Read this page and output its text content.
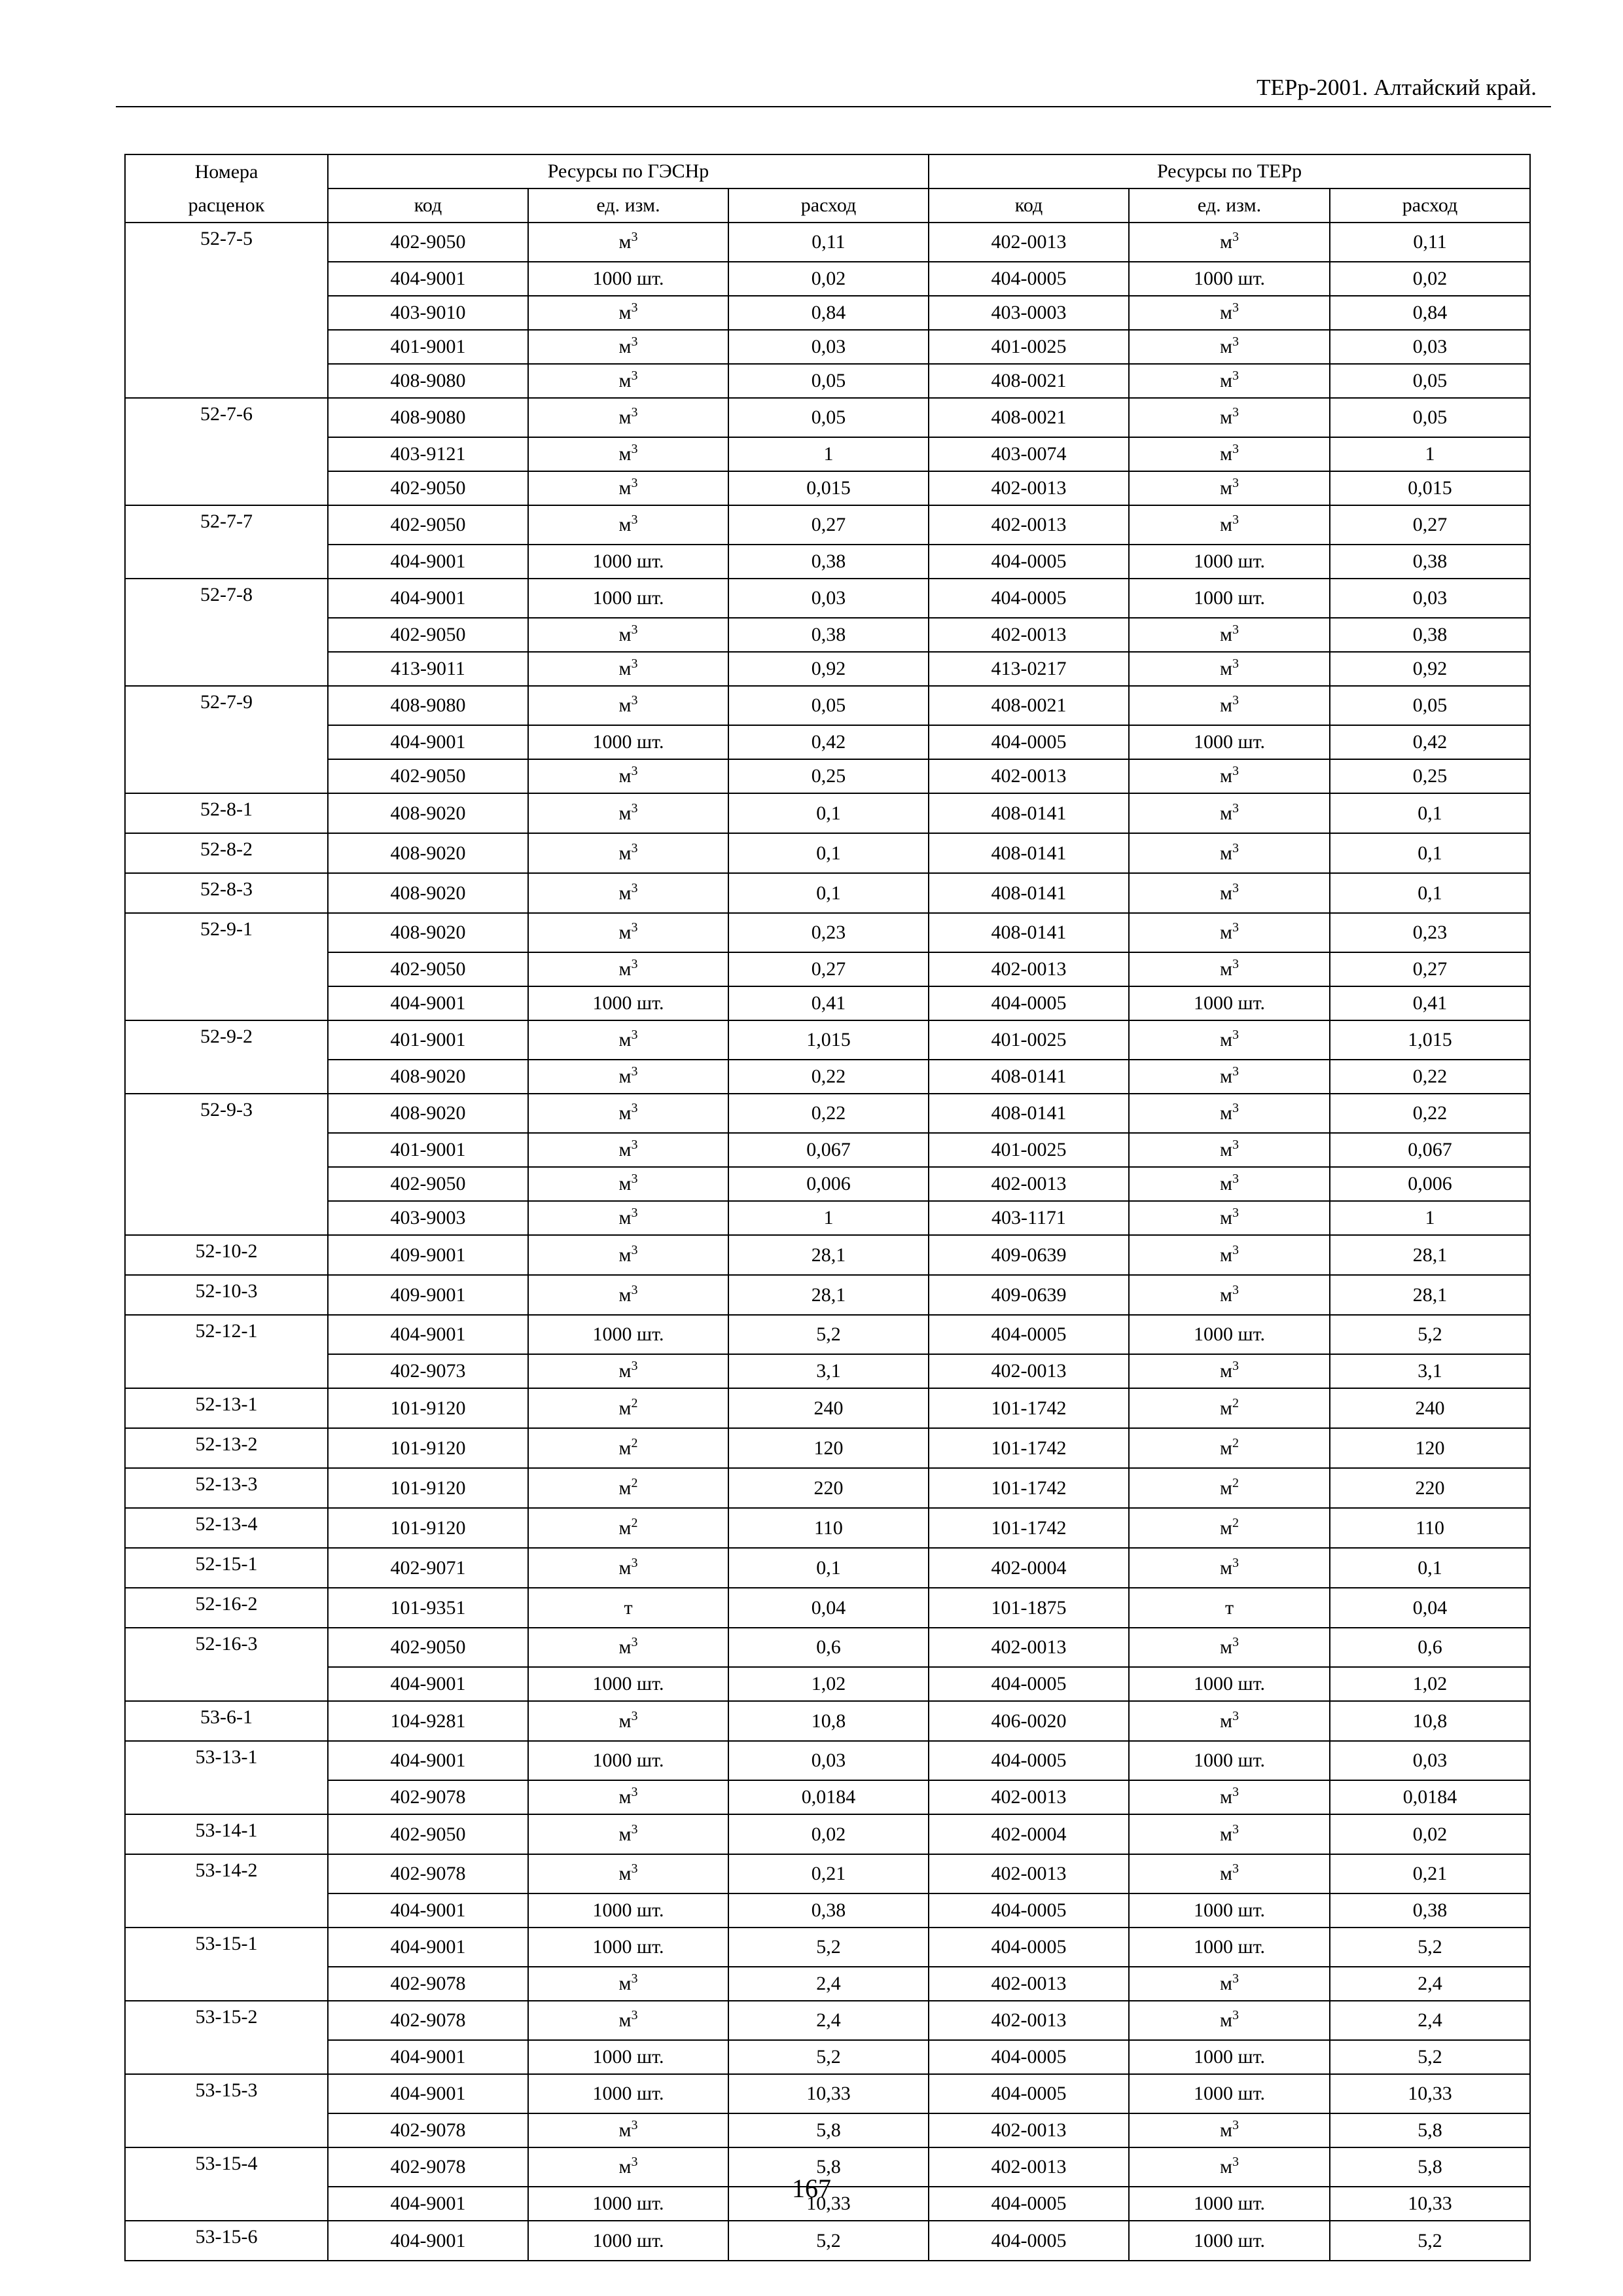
ТЕРр-2001. Алтайский край.
Номера	Ресурсы по ГЭСНр			Ресурсы по ТЕРр		
расценок	код	ед. изм.	расход	код	ед. изм.	расход
52-7-5	402-9050	$м^3$	0,11	402-0013	$м^3$	0,11
	404-9001	1000 шт.	0,02	404-0005	1000 шт.	0,02
	403-9010	$м^3$	0,84	403-0003	$м^3$	0,84
	401-9001	$м^3$	0,03	401-0025	$м^3$	0,03
	408-9080	$м^3$	0,05	408-0021	$м^3$	0,05
52-7-6	408-9080	$м^3$	0,05	408-0021	$м^3$	0,05
	403-9121	$м^3$	1	403-0074	$м^3$	1
	402-9050	$м^3$	0,015	402-0013	$м^3$	0,015
52-7-7	402-9050	$м^3$	0,27	402-0013	$м^3$	0,27
	404-9001	1000 шт.	0,38	404-0005	1000 шт.	0,38
52-7-8	404-9001	1000 шт.	0,03	404-0005	1000 шт.	0,03
	402-9050	$м^3$	0,38	402-0013	$м^3$	0,38
	413-9011	$м^3$	0,92	413-0217	$м^3$	0,92
52-7-9	408-9080	$м^3$	0,05	408-0021	$м^3$	0,05
	404-9001	1000 шт.	0,42	404-0005	1000 шт.	0,42
	402-9050	$м^3$	0,25	402-0013	$м^3$	0,25
52-8-1	408-9020	$м^3$	0,1	408-0141	$м^3$	0,1
52-8-2	408-9020	$м^3$	0,1	408-0141	$м^3$	0,1
52-8-3	408-9020	$м^3$	0,1	408-0141	$м^3$	0,1
52-9-1	408-9020	$м^3$	0,23	408-0141	$м^3$	0,23
	402-9050	$м^3$	0,27	402-0013	$м^3$	0,27
	404-9001	1000 шт.	0,41	404-0005	1000 шт.	0,41
52-9-2	401-9001	$м^3$	1,015	401-0025	$м^3$	1,015
	408-9020	$м^3$	0,22	408-0141	$м^3$	0,22
52-9-3	408-9020	$м^3$	0,22	408-0141	$м^3$	0,22
	401-9001	$м^3$	0,067	401-0025	$м^3$	0,067
	402-9050	$м^3$	0,006	402-0013	$м^3$	0,006
	403-9003	$м^3$	1	403-1171	$м^3$	1
52-10-2	409-9001	$м^3$	28,1	409-0639	$м^3$	28,1
52-10-3	409-9001	$м^3$	28,1	409-0639	$м^3$	28,1
52-12-1	404-9001	1000 шт.	5,2	404-0005	1000 шт.	5,2
	402-9073	$м^3$	3,1	402-0013	$м^3$	3,1
52-13-1	101-9120	$м^2$	240	101-1742	$м^2$	240
52-13-2	101-9120	$м^2$	120	101-1742	$м^2$	120
52-13-3	101-9120	$м^2$	220	101-1742	$м^2$	220
52-13-4	101-9120	$м^2$	110	101-1742	$м^2$	110
52-15-1	402-9071	$м^3$	0,1	402-0004	$м^3$	0,1
52-16-2	101-9351	т	0,04	101-1875	т	0,04
52-16-3	402-9050	$м^3$	0,6	402-0013	$м^3$	0,6
	404-9001	1000 шт.	1,02	404-0005	1000 шт.	1,02
53-6-1	104-9281	$м^3$	10,8	406-0020	$м^3$	10,8
53-13-1	404-9001	1000 шт.	0,03	404-0005	1000 шт.	0,03
	402-9078	$м^3$	0,0184	402-0013	$м^3$	0,0184
53-14-1	402-9050	$м^3$	0,02	402-0004	$м^3$	0,02
53-14-2	402-9078	$м^3$	0,21	402-0013	$м^3$	0,21
	404-9001	1000 шт.	0,38	404-0005	1000 шт.	0,38
53-15-1	404-9001	1000 шт.	5,2	404-0005	1000 шт.	5,2
	402-9078	$м^3$	2,4	402-0013	$м^3$	2,4
53-15-2	402-9078	$м^3$	2,4	402-0013	$м^3$	2,4
	404-9001	1000 шт.	5,2	404-0005	1000 шт.	5,2
53-15-3	404-9001	1000 шт.	10,33	404-0005	1000 шт.	10,33
	402-9078	$м^3$	5,8	402-0013	$м^3$	5,8
53-15-4	402-9078	$м^3$	5,8	402-0013	$м^3$	5,8
	404-9001	1000 шт.	10,33	404-0005	1000 шт.	10,33
53-15-6	404-9001	1000 шт.	5,2	404-0005	1000 шт.	5,2
167
